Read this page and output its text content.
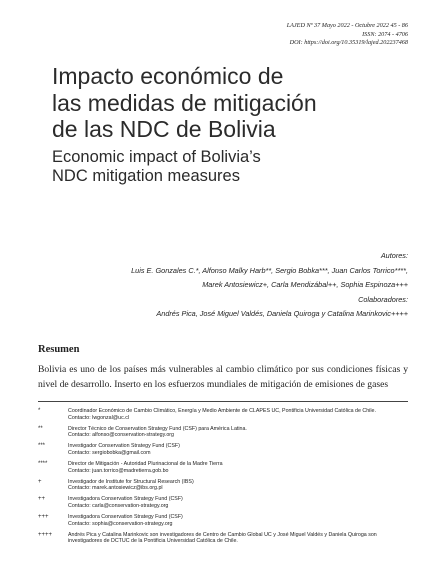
LAJED Nº 37 Mayo 2022 - Octubre 2022 45 - 86
ISSN: 2074 - 4706
DOI: https://doi.org/10.35319/lajed.202237468
Impacto económico de
las medidas de mitigación
de las NDC de Bolivia
Economic impact of Bolivia’s
NDC mitigation measures
Autores:
Luis E. Gonzales C.*, Alfonso Malky Harb**, Sergio Bobka***, Juan Carlos Torrico****,
Marek Antosiewicz+, Carla Mendizábal++, Sophia Espinoza+++
Colaboradores:
Andrés Pica, José Miguel Valdés, Daniela Quiroga y Catalina Marinkovic++++
Resumen
Bolivia es uno de los países más vulnerables al cambio climático por sus condiciones físicas y nivel de desarrollo. Inserto en los esfuerzos mundiales de mitigación de emisiones de gases
*	Coordinador Económico de Cambio Climático, Energía y Medio Ambiente de CLAPES UC, Pontificia Universidad Católica de Chile.
Contacto: lwgonzal@uc.cl
**	Director Técnico de Conservation Strategy Fund (CSF) para América Latina.
Contacto: alfonso@conservation-strategy.org
***	Investigador Conservation Strategy Fund (CSF)
Contacto: sergiobobka@gmail.com
****	Director de Mitigación - Autoridad Plurinacional de la Madre Tierra
Contacto: juan.torrico@madretierra.gob.bo
+	Investigador de Institute for Structural Research (IBS)
Contacto: marek.antosiewicz@ibs.org.pl
++	Investigadora Conservation Strategy Fund (CSF)
Contacto: carla@conservation-strategy.org
+++	Investigadora Conservation Strategy Fund (CSF)
Contacto: sophia@conservation-strategy.org
++++	Andrés Pica y Catalina Marinkovic son investigadores de Centro de Cambio Global UC y José Miguel Valdés y Daniela Quiroga son investigadores de DCTUC de la Pontificia Universidad Católica de Chile.
